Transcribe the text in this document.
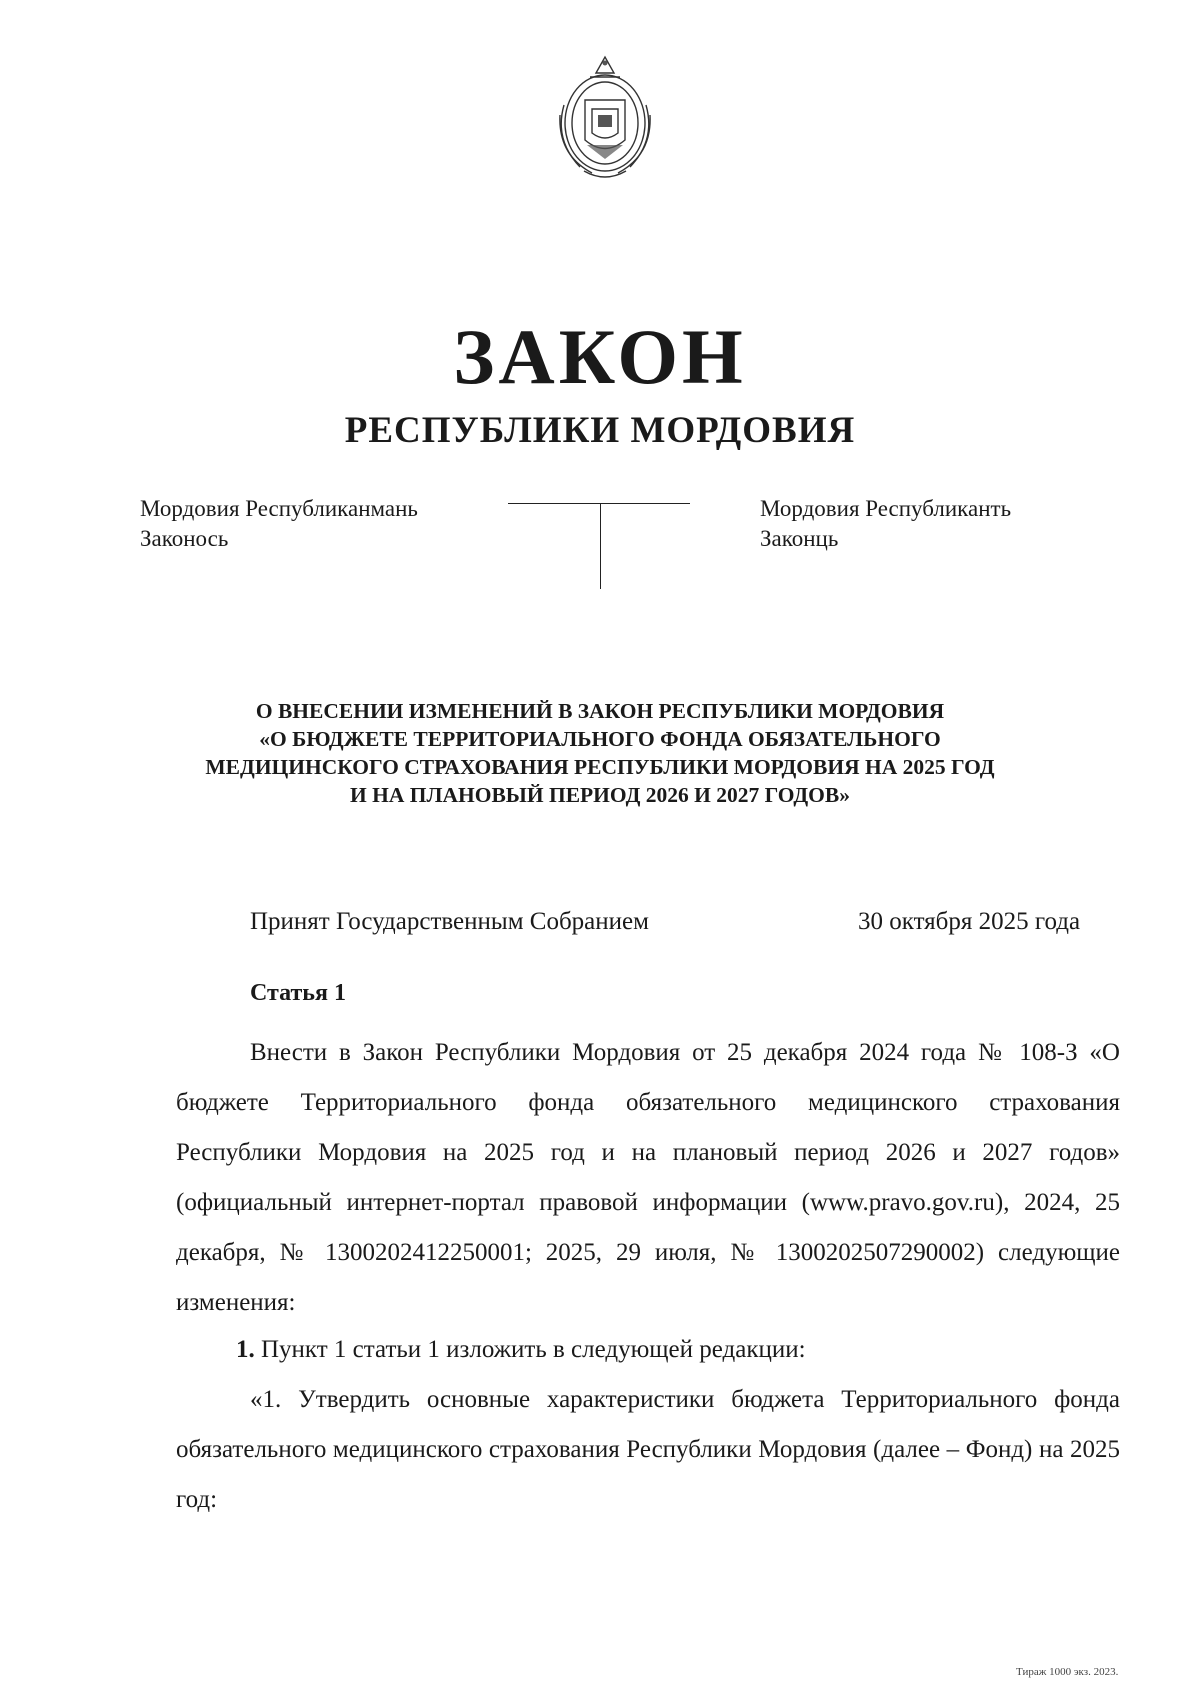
ЗАКОН
РЕСПУБЛИКИ МОРДОВИЯ
Мордовия Республиканмань
Законось
Мордовия Республиканть
Законць
О ВНЕСЕНИИ ИЗМЕНЕНИЙ В ЗАКОН РЕСПУБЛИКИ МОРДОВИЯ
«О БЮДЖЕТЕ ТЕРРИТОРИАЛЬНОГО ФОНДА ОБЯЗАТЕЛЬНОГО
МЕДИЦИНСКОГО СТРАХОВАНИЯ РЕСПУБЛИКИ МОРДОВИЯ НА 2025 ГОД
И НА ПЛАНОВЫЙ ПЕРИОД 2026 И 2027 ГОДОВ»
Принят Государственным Собранием	30 октября 2025 года
Статья 1
Внести в Закон Республики Мордовия от 25 декабря 2024 года № 108-З «О бюджете Территориального фонда обязательного медицинского страхования Республики Мордовия на 2025 год и на плановый период 2026 и 2027 годов» (официальный интернет-портал правовой информации (www.pravo.gov.ru), 2024, 25 декабря, № 1300202412250001; 2025, 29 июля, № 1300202507290002) следующие изменения:
1. Пункт 1 статьи 1 изложить в следующей редакции:
«1. Утвердить основные характеристики бюджета Территориального фонда обязательного медицинского страхования Республики Мордовия (далее – Фонд) на 2025 год:
Тираж 1000 экз. 2023.
